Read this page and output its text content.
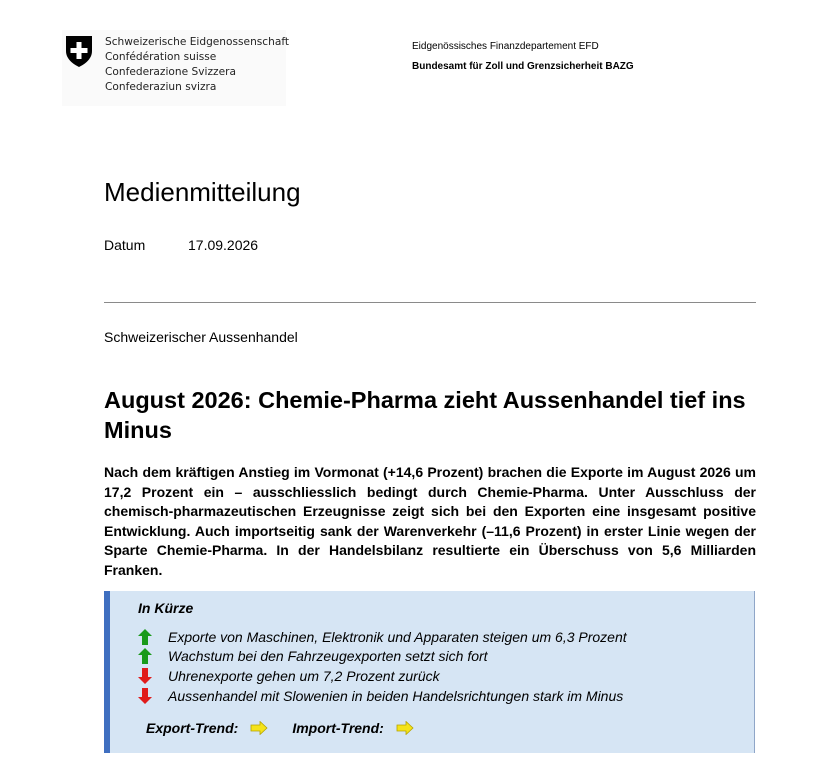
Schweizerische Eidgenossenschaft
Confédération suisse
Confederazione Svizzera
Confederaziun svizra
Eidgenössisches Finanzdepartement EFD
Bundesamt für Zoll und Grenzsicherheit BAZG
Medienmitteilung
Datum	17.09.2026
Schweizerischer Aussenhandel
August 2026: Chemie-Pharma zieht Aussenhandel tief ins Minus

Nach dem kräftigen Anstieg im Vormonat (+14,6 Prozent) brachen die Exporte im August 2026 um 17,2 Prozent ein – ausschliesslich bedingt durch Chemie-Pharma. Unter Ausschluss der chemisch-pharmazeutischen Erzeugnisse zeigt sich bei den Exporten eine insgesamt positive Entwicklung. Auch importseitig sank der Warenverkehr (–11,6 Prozent) in erster Linie wegen der Sparte Chemie-Pharma. In der Handelsbilanz resultierte ein Überschuss von 5,6 Milliarden Franken.

In Kürze
Exporte von Maschinen, Elektronik und Apparaten steigen um 6,3 Prozent
Wachstum bei den Fahrzeugexporten setzt sich fort
Uhrenexporte gehen um 7,2 Prozent zurück
Aussenhandel mit Slowenien in beiden Handelsrichtungen stark im Minus
Export-Trend:	Import-Trend:
